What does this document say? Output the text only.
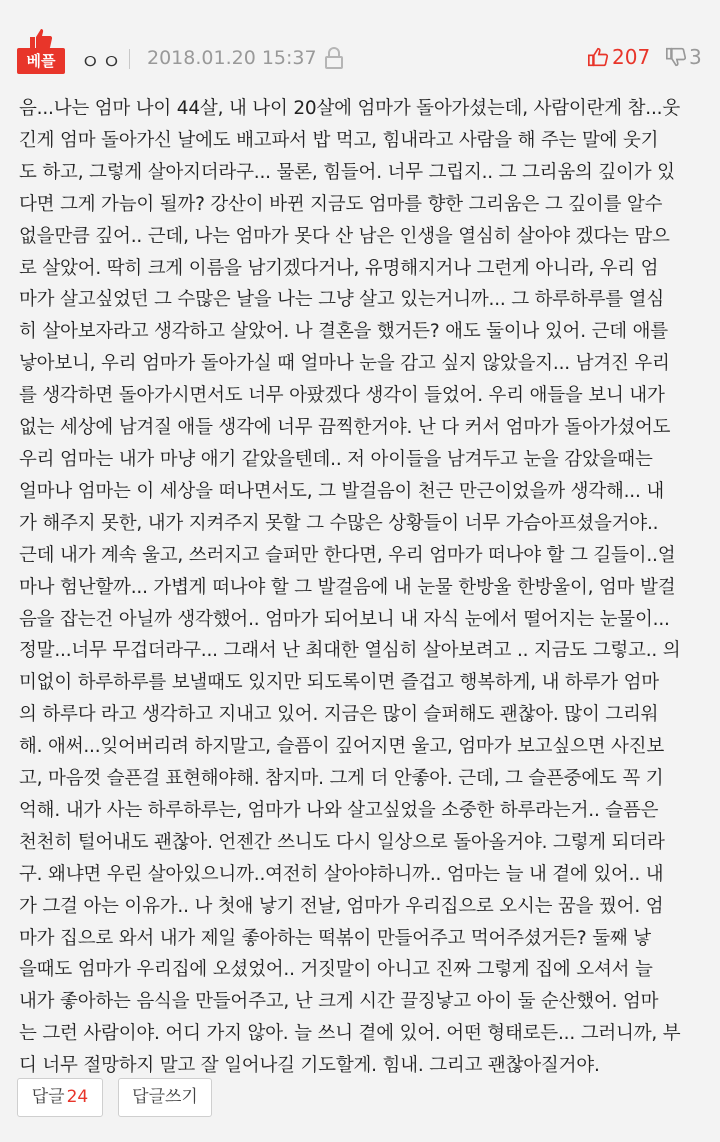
베플	ㅇㅇ 2018.01.20 15:37	207 3
음...나는 엄마 나이 44살, 내 나이 20살에 엄마가 돌아가셨는데, 사람이란게 참...웃
긴게 엄마 돌아가신 날에도 배고파서 밥 먹고, 힘내라고 사람을 해 주는 말에 웃기
도 하고, 그렇게 살아지더라구... 물론, 힘들어. 너무 그립지.. 그 그리움의 깊이가 있
다면 그게 가늠이 될까? 강산이 바뀐 지금도 엄마를 향한 그리움은 그 깊이를 알수
없을만큼 깊어.. 근데, 나는 엄마가 못다 산 남은 인생을 열심히 살아야 겠다는 맘으
로 살았어. 딱히 크게 이름을 남기겠다거나, 유명해지거나 그런게 아니라, 우리 엄
마가 살고싶었던 그 수많은 날을 나는 그냥 살고 있는거니까... 그 하루하루를 열심
히 살아보자라고 생각하고 살았어. 나 결혼을 했거든? 애도 둘이나 있어. 근데 애를
낳아보니, 우리 엄마가 돌아가실 때 얼마나 눈을 감고 싶지 않았을지... 남겨진 우리
를 생각하면 돌아가시면서도 너무 아팠겠다 생각이 들었어. 우리 애들을 보니 내가
없는 세상에 남겨질 애들 생각에 너무 끔찍한거야. 난 다 커서 엄마가 돌아가셨어도
우리 엄마는 내가 마냥 애기 같았을텐데.. 저 아이들을 남겨두고 눈을 감았을때는
얼마나 엄마는 이 세상을 떠나면서도, 그 발걸음이 천근 만근이었을까 생각해... 내
가 해주지 못한, 내가 지켜주지 못할 그 수많은 상황들이 너무 가슴아프셨을거야..
근데 내가 계속 울고, 쓰러지고 슬퍼만 한다면, 우리 엄마가 떠나야 할 그 길들이..얼
마나 험난할까... 가볍게 떠나야 할 그 발걸음에 내 눈물 한방울 한방울이, 엄마 발걸
음을 잡는건 아닐까 생각했어.. 엄마가 되어보니 내 자식 눈에서 떨어지는 눈물이...
정말...너무 무겁더라구... 그래서 난 최대한 열심히 살아보려고 .. 지금도 그렇고.. 의
미없이 하루하루를 보낼때도 있지만 되도록이면 즐겁고 행복하게, 내 하루가 엄마
의 하루다 라고 생각하고 지내고 있어. 지금은 많이 슬퍼해도 괜찮아. 많이 그리워
해. 애써...잊어버리려 하지말고, 슬픔이 깊어지면 울고, 엄마가 보고싶으면 사진보
고, 마음껏 슬픈걸 표현해야해. 참지마. 그게 더 안좋아. 근데, 그 슬픈중에도 꼭 기
억해. 내가 사는 하루하루는, 엄마가 나와 살고싶었을 소중한 하루라는거.. 슬픔은
천천히 털어내도 괜찮아. 언젠간 쓰니도 다시 일상으로 돌아올거야. 그렇게 되더라
구. 왜냐면 우린 살아있으니까..여전히 살아야하니까.. 엄마는 늘 내 곁에 있어.. 내
가 그걸 아는 이유가.. 나 첫애 낳기 전날, 엄마가 우리집으로 오시는 꿈을 꿨어. 엄
마가 집으로 와서 내가 제일 좋아하는 떡볶이 만들어주고 먹어주셨거든? 둘째 낳
을때도 엄마가 우리집에 오셨었어.. 거짓말이 아니고 진짜 그렇게 집에 오셔서 늘
내가 좋아하는 음식을 만들어주고, 난 크게 시간 끌징낳고 아이 둘 순산했어. 엄마
는 그런 사람이야. 어디 가지 않아. 늘 쓰니 곁에 있어. 어떤 형태로든... 그러니까, 부
디 너무 절망하지 말고 잘 일어나길 기도할게. 힘내. 그리고 괜찮아질거야.
답글 24	답글쓰기
